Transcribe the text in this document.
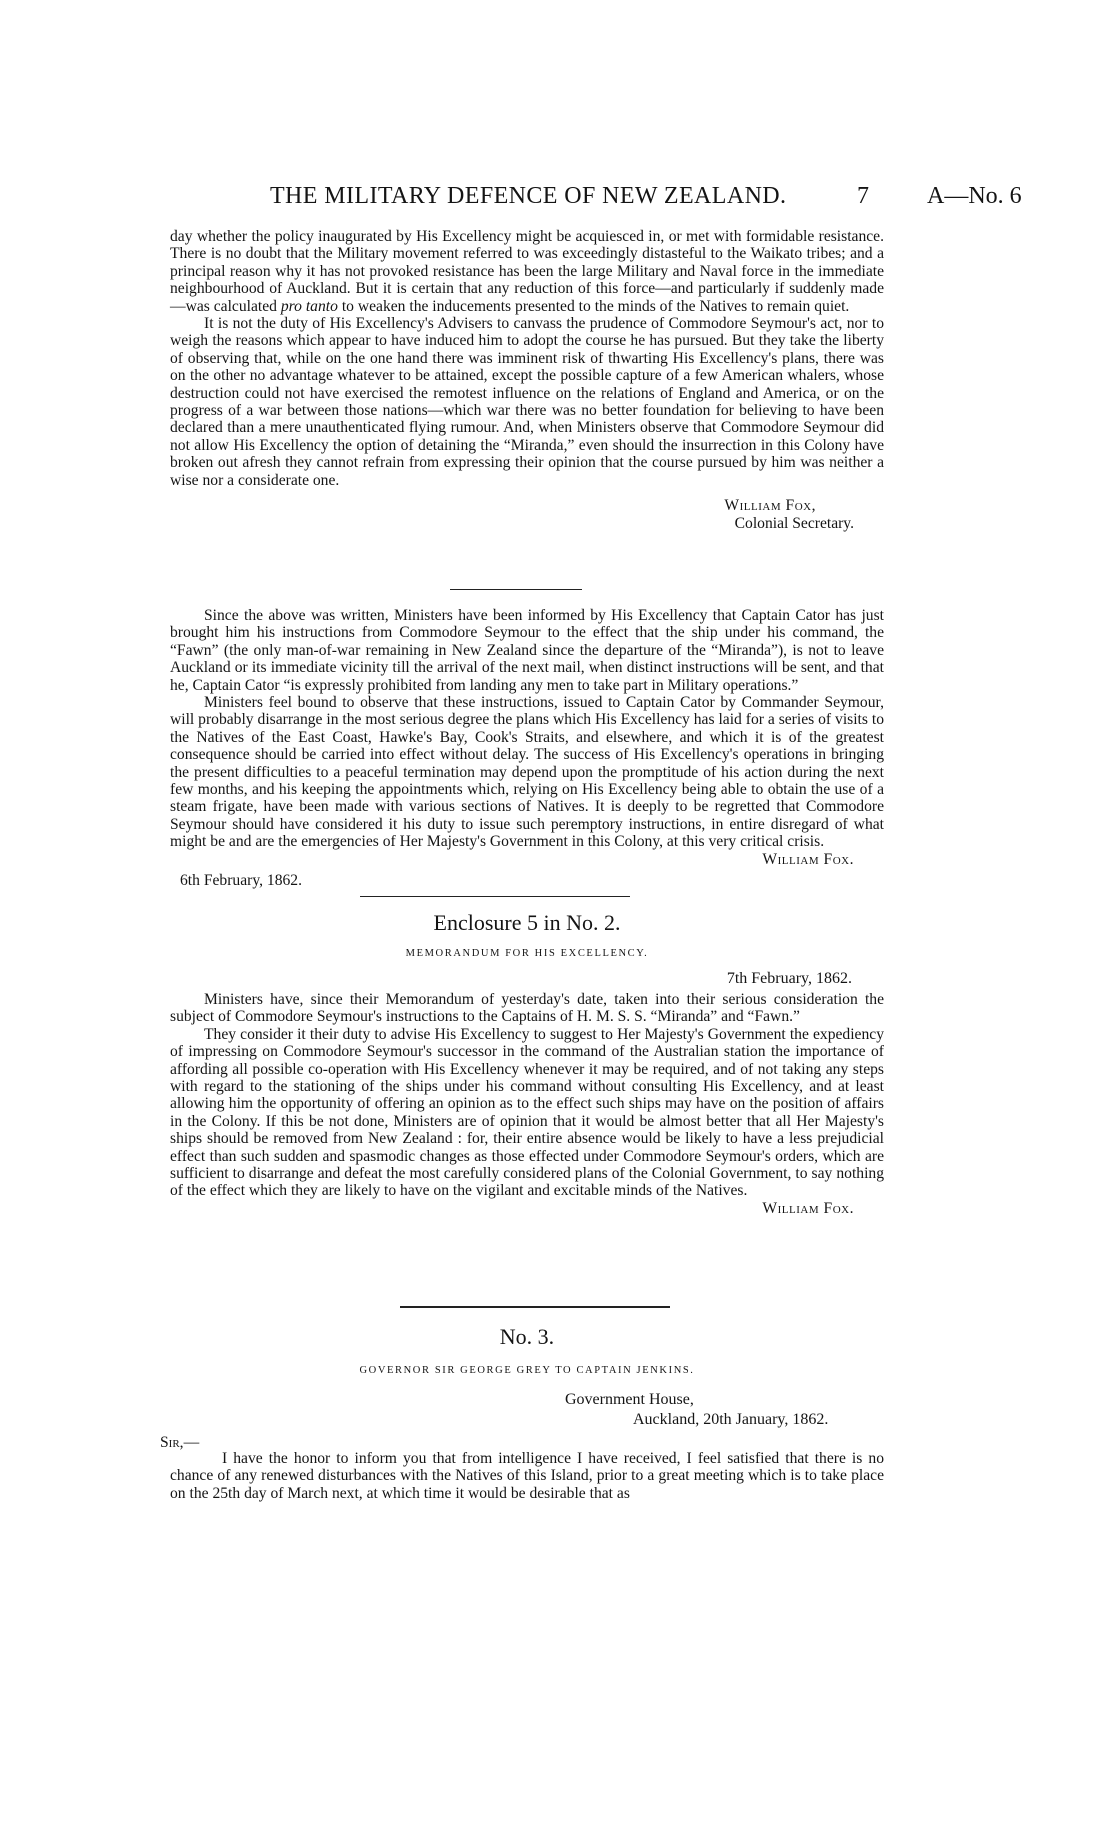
THE MILITARY DEFENCE OF NEW ZEALAND.	7 A—No. 6

day whether the policy inaugurated by His Excellency might be acquiesced in, or met with formidable resistance. There is no doubt that the Military movement referred to was exceedingly distasteful to the Waikato tribes; and a principal reason why it has not provoked resistance has been the large Military and Naval force in the immediate neighbourhood of Auckland. But it is certain that any reduction of this force—and particularly if suddenly made—was calculated pro tanto to weaken the inducements presented to the minds of the Natives to remain quiet.

It is not the duty of His Excellency's Advisers to canvass the prudence of Commodore Seymour's act, nor to weigh the reasons which appear to have induced him to adopt the course he has pursued. But they take the liberty of observing that, while on the one hand there was imminent risk of thwarting His Excellency's plans, there was on the other no advantage whatever to be attained, except the possible capture of a few American whalers, whose destruction could not have exercised the remotest influence on the relations of England and America, or on the progress of a war between those nations—which war there was no better foundation for believing to have been declared than a mere unauthenticated flying rumour. And, when Ministers observe that Commodore Seymour did not allow His Excellency the option of detaining the “Miranda,” even should the insurrection in this Colony have broken out afresh they cannot refrain from expressing their opinion that the course pursued by him was neither a wise nor a considerate one.

William Fox,
Colonial Secretary.

Since the above was written, Ministers have been informed by His Excellency that Captain Cator has just brought him his instructions from Commodore Seymour to the effect that the ship under his command, the “Fawn” (the only man-of-war remaining in New Zealand since the departure of the “Miranda”), is not to leave Auckland or its immediate vicinity till the arrival of the next mail, when distinct instructions will be sent, and that he, Captain Cator “is expressly prohibited from landing any men to take part in Military operations.”

Ministers feel bound to observe that these instructions, issued to Captain Cator by Commander Seymour, will probably disarrange in the most serious degree the plans which His Excellency has laid for a series of visits to the Natives of the East Coast, Hawke's Bay, Cook's Straits, and elsewhere, and which it is of the greatest consequence should be carried into effect without delay. The success of His Excellency's operations in bringing the present difficulties to a peaceful termination may depend upon the promptitude of his action during the next few months, and his keeping the appointments which, relying on His Excellency being able to obtain the use of a steam frigate, have been made with various sections of Natives. It is deeply to be regretted that Commodore Seymour should have considered it his duty to issue such peremptory instructions, in entire disregard of what might be and are the emergencies of Her Majesty's Government in this Colony, at this very critical crisis.

William Fox.
6th February, 1862.
Enclosure 5 in No. 2.
MEMORANDUM FOR HIS EXCELLENCY.
7th February, 1862.

Ministers have, since their Memorandum of yesterday's date, taken into their serious consideration the subject of Commodore Seymour's instructions to the Captains of H. M. S. S. “Miranda” and “Fawn.”

They consider it their duty to advise His Excellency to suggest to Her Majesty's Government the expediency of impressing on Commodore Seymour's successor in the command of the Australian station the importance of affording all possible co-operation with His Excellency whenever it may be required, and of not taking any steps with regard to the stationing of the ships under his command without consulting His Excellency, and at least allowing him the opportunity of offering an opinion as to the effect such ships may have on the position of affairs in the Colony. If this be not done, Ministers are of opinion that it would be almost better that all Her Majesty's ships should be removed from New Zealand : for, their entire absence would be likely to have a less prejudicial effect than such sudden and spasmodic changes as those effected under Commodore Seymour's orders, which are sufficient to disarrange and defeat the most carefully considered plans of the Colonial Government, to say nothing of the effect which they are likely to have on the vigilant and excitable minds of the Natives.

William Fox.
No. 3.
GOVERNOR SIR GEORGE GREY TO CAPTAIN JENKINS.
Government House,
Auckland, 20th January, 1862.
Sir,—

I have the honor to inform you that from intelligence I have received, I feel satisfied that there is no chance of any renewed disturbances with the Natives of this Island, prior to a great meeting which is to take place on the 25th day of March next, at which time it would be desirable that as
